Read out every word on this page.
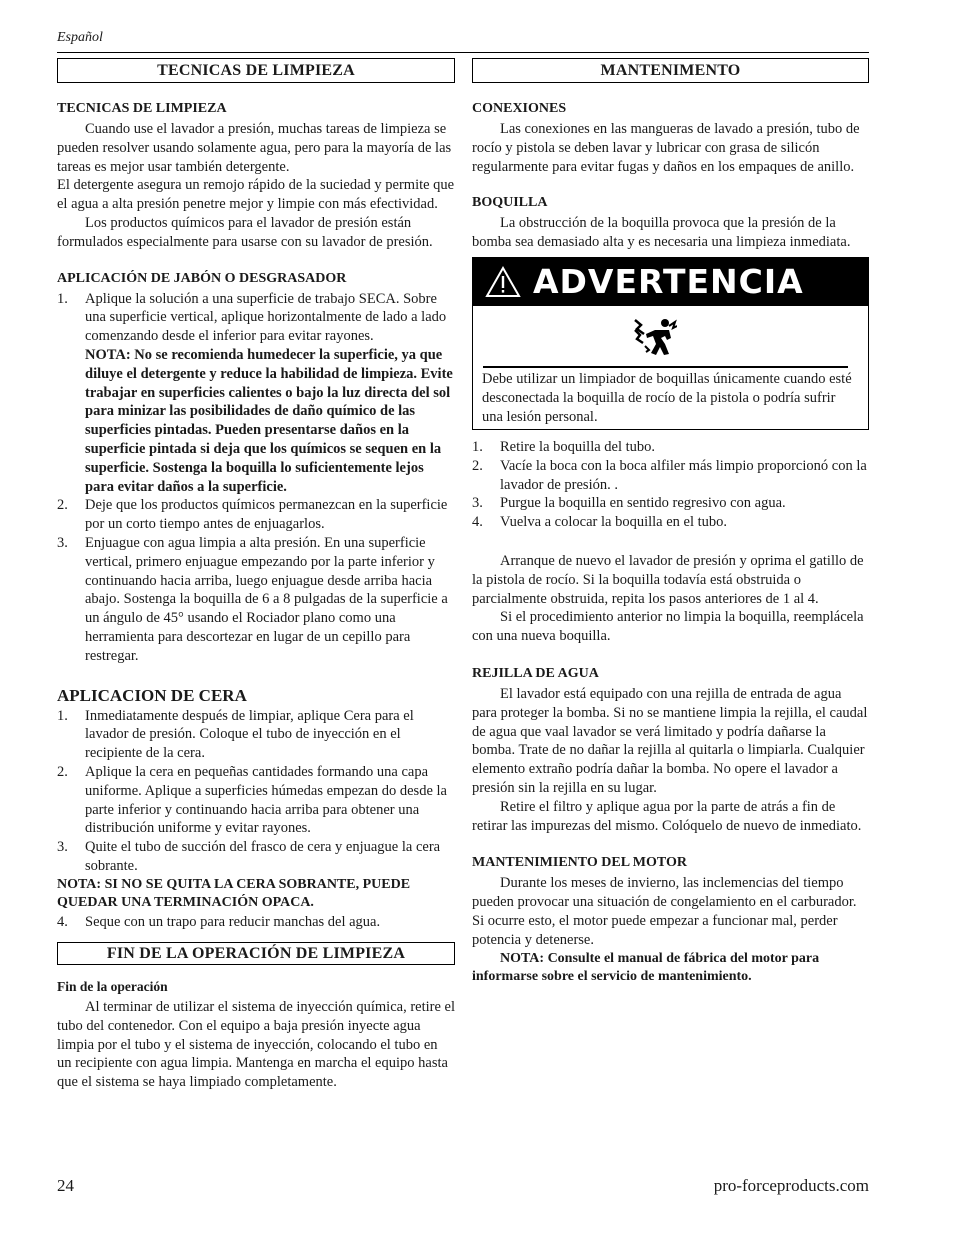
Español
TECNICAS DE LIMPIEZA
TECNICAS DE LIMPIEZA

Cuando use el lavador a presión, muchas tareas de limpieza se pueden resolver usando solamente agua, pero para la mayoría de las tareas es mejor usar también detergente.

El detergente asegura un remojo rápido de la suciedad y permite que el agua a alta presión penetre mejor y limpie con más efectividad.

Los productos químicos para el lavador de presión están formulados especialmente para usarse con su lavador de presión.

APLICACIÓN DE JABÓN O DESGRASADOR
1. Aplique la solución a una superficie de trabajo SECA. Sobre una superficie vertical, aplique horizontalmente de lado a lado comenzando desde el inferior para evitar rayones.
NOTA: No se recomienda humedecer la superficie, ya que diluye el detergente y reduce la habilidad de limpieza. Evite trabajar en superficies calientes o bajo la luz directa del sol para minizar las posibilidades de daño químico de las superficies pintadas. Pueden presentarse daños en la superficie pintada si deja que los químicos se sequen en la superficie. Sostenga la boquilla lo suficientemente lejos para evitar daños a la superficie.
2. Deje que los productos químicos permanezcan en la superficie por un corto tiempo antes de enjuagarlos.
3. Enjuague con agua limpia a alta presión. En una superficie vertical, primero enjuague empezando por la parte inferior y continuando hacia arriba, luego enjuague desde arriba hacia abajo. Sostenga la boquilla de 6 a 8 pulgadas de la superficie a un ángulo de 45° usando el Rociador plano como una herramienta para descortezar en lugar de un cepillo para restregar.
APLICACION DE CERA
1. Inmediatamente después de limpiar, aplique Cera para el lavador de presión. Coloque el tubo de inyección en el recipiente de la cera.
2. Aplique la cera en pequeñas cantidades formando una capa uniforme. Aplique a superficies húmedas empezan do desde la parte inferior y continuando hacia arriba para obtener una distribución uniforme y evitar rayones.
3. Quite el tubo de succión del frasco de cera y enjuague la cera sobrante.

NOTA: SI NO SE QUITA LA CERA SOBRANTE, PUEDE QUEDAR UNA TERMINACIÓN OPACA.

4. Seque con un trapo para reducir manchas del agua.
FIN DE LA OPERACIÓN DE LIMPIEZA
Fin de la operación

Al terminar de utilizar el sistema de inyección química, retire el tubo del contenedor. Con el equipo a baja presión inyecte agua limpia por el tubo y el sistema de inyección, colocando el tubo en un recipiente con agua limpia. Mantenga en marcha el equipo hasta que el sistema se haya limpiado completamente.

MANTENIMENTO
CONEXIONES

Las conexiones en las mangueras de lavado a presión, tubo de rocío y pistola se deben lavar y lubricar con grasa de silicón regularmente para evitar fugas y daños en los empaques de anillo.

BOQUILLA

La obstrucción de la boquilla provoca que la presión de la bomba sea demasiado alta y es necesaria una limpieza inmediata.

ADVERTENCIA
Debe utilizar un limpiador de boquillas únicamente cuando esté desconectada la boquilla de rocío de la pistola o podría sufrir una lesión personal.
1. Retire la boquilla del tubo.
2. Vacíe la boca con la boca alfiler más limpio proporcionó con la lavador de presión. .
3. Purgue la boquilla en sentido regresivo con agua.
4. Vuelva a colocar la boquilla en el tubo.

Arranque de nuevo el lavador de presión y oprima el gatillo de la pistola de rocío. Si la boquilla todavía está obstruida o parcialmente obstruida, repita los pasos anteriores de 1 al 4.

Si el procedimiento anterior no limpia la boquilla, reemplácela con una nueva boquilla.

REJILLA DE AGUA

El lavador está equipado con una rejilla de entrada de agua para proteger la bomba. Si no se mantiene limpia la rejilla, el caudal de agua que vaal lavador se verá limitado y podría dañarse la bomba. Trate de no dañar la rejilla al quitarla o limpiarla. Cualquier elemento extraño podría dañar la bomba. No opere el lavador a presión sin la rejilla en su lugar.

Retire el filtro y aplique agua por la parte de atrás a fin de retirar las impurezas del mismo. Colóquelo de nuevo de inmediato.

MANTENIMIENTO DEL MOTOR

Durante los meses de invierno, las inclemencias del tiempo pueden provocar una situación de congelamiento en el carburador. Si ocurre esto, el motor puede empezar a funcionar mal, perder potencia y detenerse.

NOTA: Consulte el manual de fábrica del motor para informarse sobre el servicio de mantenimiento.

24	pro-forceproducts.com
